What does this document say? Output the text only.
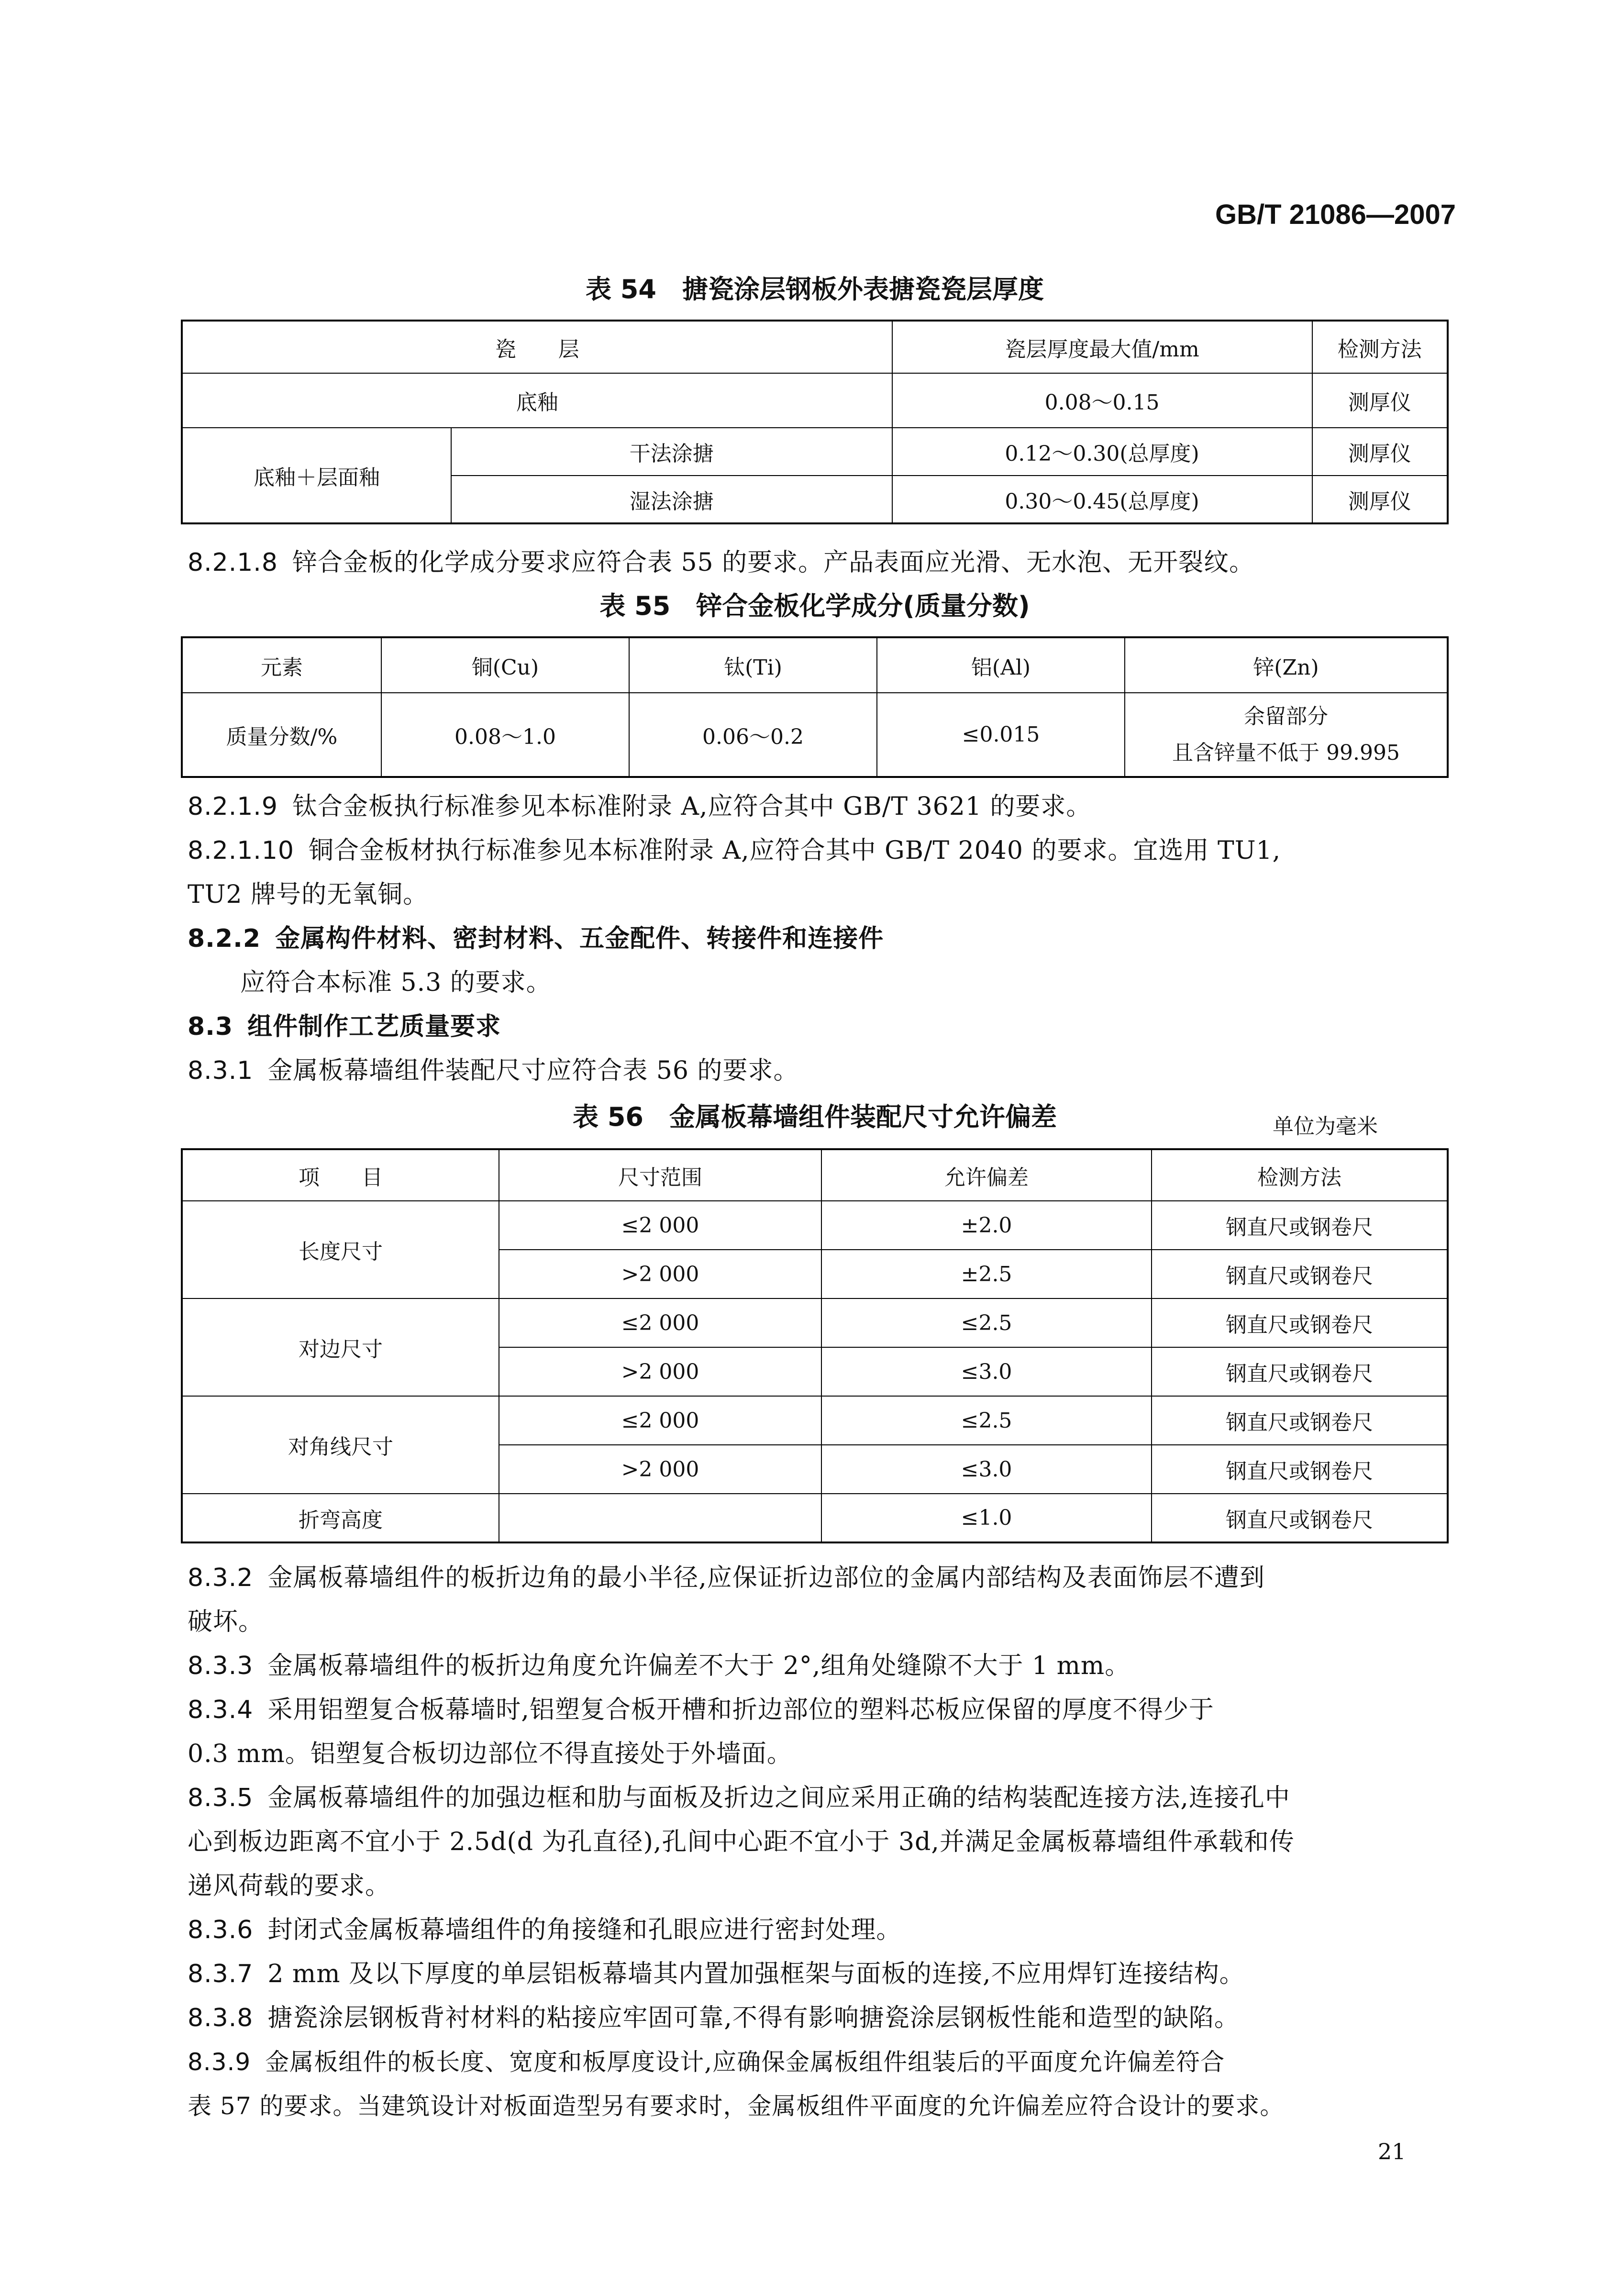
GB/T 21086—2007
表 54　搪瓷涂层钢板外表搪瓷瓷层厚度
瓷　　层		瓷层厚度最大值/mm	检测方法
底釉		0.08～0.15	测厚仪
底釉＋层面釉	干法涂搪	0.12～0.30(总厚度)	测厚仪
	湿法涂搪	0.30～0.45(总厚度)	测厚仪
8.2.1.8 锌合金板的化学成分要求应符合表 55 的要求。产品表面应光滑、无水泡、无开裂纹。
表 55　锌合金板化学成分(质量分数)
元素	铜(Cu)	钛(Ti)	铝(Al)	锌(Zn)
质量分数/%	0.08～1.0	0.06～0.2	≤0.015	余留部分
且含锌量不低于 99.995
8.2.1.9 钛合金板执行标准参见本标准附录 A,应符合其中 GB/T 3621 的要求。
8.2.1.10 铜合金板材执行标准参见本标准附录 A,应符合其中 GB/T 2040 的要求。宜选用 TU1,
TU2 牌号的无氧铜。
8.2.2 金属构件材料、密封材料、五金配件、转接件和连接件
应符合本标准 5.3 的要求。
8.3 组件制作工艺质量要求
8.3.1 金属板幕墙组件装配尺寸应符合表 56 的要求。
表 56　金属板幕墙组件装配尺寸允许偏差	单位为毫米
项　　目	尺寸范围	允许偏差	检测方法
长度尺寸	≤2 000	±2.0	钢直尺或钢卷尺
	>2 000	±2.5	钢直尺或钢卷尺
对边尺寸	≤2 000	≤2.5	钢直尺或钢卷尺
	>2 000	≤3.0	钢直尺或钢卷尺
对角线尺寸	≤2 000	≤2.5	钢直尺或钢卷尺
	>2 000	≤3.0	钢直尺或钢卷尺
折弯高度		≤1.0	钢直尺或钢卷尺
8.3.2 金属板幕墙组件的板折边角的最小半径,应保证折边部位的金属内部结构及表面饰层不遭到
破坏。
8.3.3 金属板幕墙组件的板折边角度允许偏差不大于 2°,组角处缝隙不大于 1 mm。
8.3.4 采用铝塑复合板幕墙时,铝塑复合板开槽和折边部位的塑料芯板应保留的厚度不得少于
0.3 mm。铝塑复合板切边部位不得直接处于外墙面。
8.3.5 金属板幕墙组件的加强边框和肋与面板及折边之间应采用正确的结构装配连接方法,连接孔中
心到板边距离不宜小于 2.5d(d 为孔直径),孔间中心距不宜小于 3d,并满足金属板幕墙组件承载和传
递风荷载的要求。
8.3.6 封闭式金属板幕墙组件的角接缝和孔眼应进行密封处理。
8.3.7 2 mm 及以下厚度的单层铝板幕墙其内置加强框架与面板的连接,不应用焊钉连接结构。
8.3.8 搪瓷涂层钢板背衬材料的粘接应牢固可靠,不得有影响搪瓷涂层钢板性能和造型的缺陷。
8.3.9 金属板组件的板长度、宽度和板厚度设计,应确保金属板组件组装后的平面度允许偏差符合
表 57 的要求。当建筑设计对板面造型另有要求时，金属板组件平面度的允许偏差应符合设计的要求。
21
